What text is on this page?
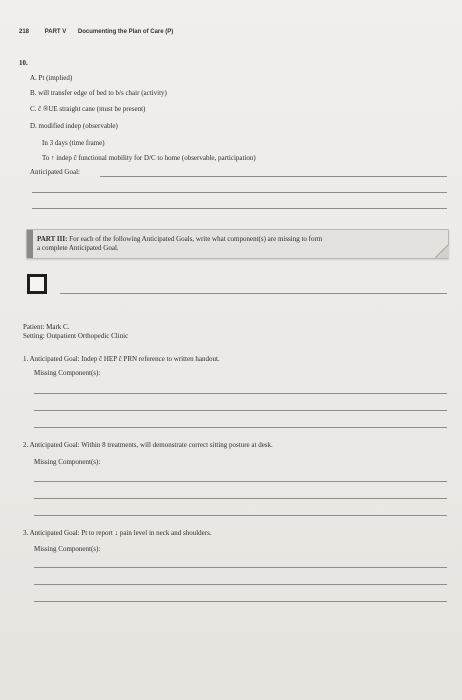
218	PART V Documenting the Plan of Care (P)
10.
A. Pt (implied)
B. will transfer edge of bed to b/s chair (activity)
C. č ®UE straight cane (must be present)
D. modified indep (observable)
In 3 days (time frame)
To ↑ indep č functional mobility for D/C to home (observable, participation)
Anticipated Goal:
PART III: For each of the following Anticipated Goals, write what component(s) are missing to form
a complete Anticipated Goal.
Patient: Mark C.
Setting: Outpatient Orthopedic Clinic
1. Anticipated Goal: Indep č HEP č PRN reference to written handout.
Missing Component(s):
2. Anticipated Goal: Within 8 treatments, will demonstrate correct sitting posture at desk.
Missing Component(s):
3. Anticipated Goal: Pt to report ↓ pain level in neck and shoulders.
Missing Component(s):
